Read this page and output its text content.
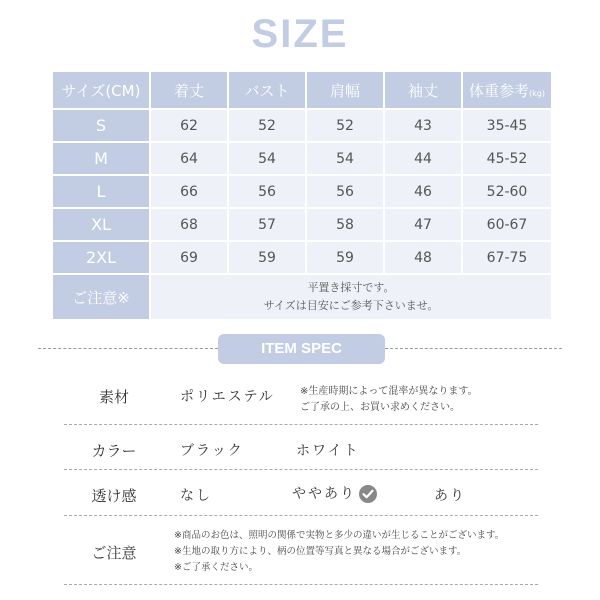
SIZE
サイズ(CM)	着丈	バスト	肩幅	袖丈	体重参考(kg)
S	62	52	52	43	35-45
M	64	54	54	44	45-52
L	66	56	56	46	52-60
XL	68	57	58	47	60-67
2XL	69	59	59	48	67-75
ご注意※	平置き採寸です。
サイズは目安にご参考下さいませ。				
ITEM SPEC
素材	ポリエステル	※生産時期によって混率が異なります。
ご了承の上、お買い求めください。
カラー	ブラック	ホワイト
透け感	なし	ややあり	あり
ご注意
※商品のお色は、照明の関係で実物と多少の違いが生じることがございます。
※生地の取り方により、柄の位置等写真と異なる場合がございます。
※ご了承ください。
